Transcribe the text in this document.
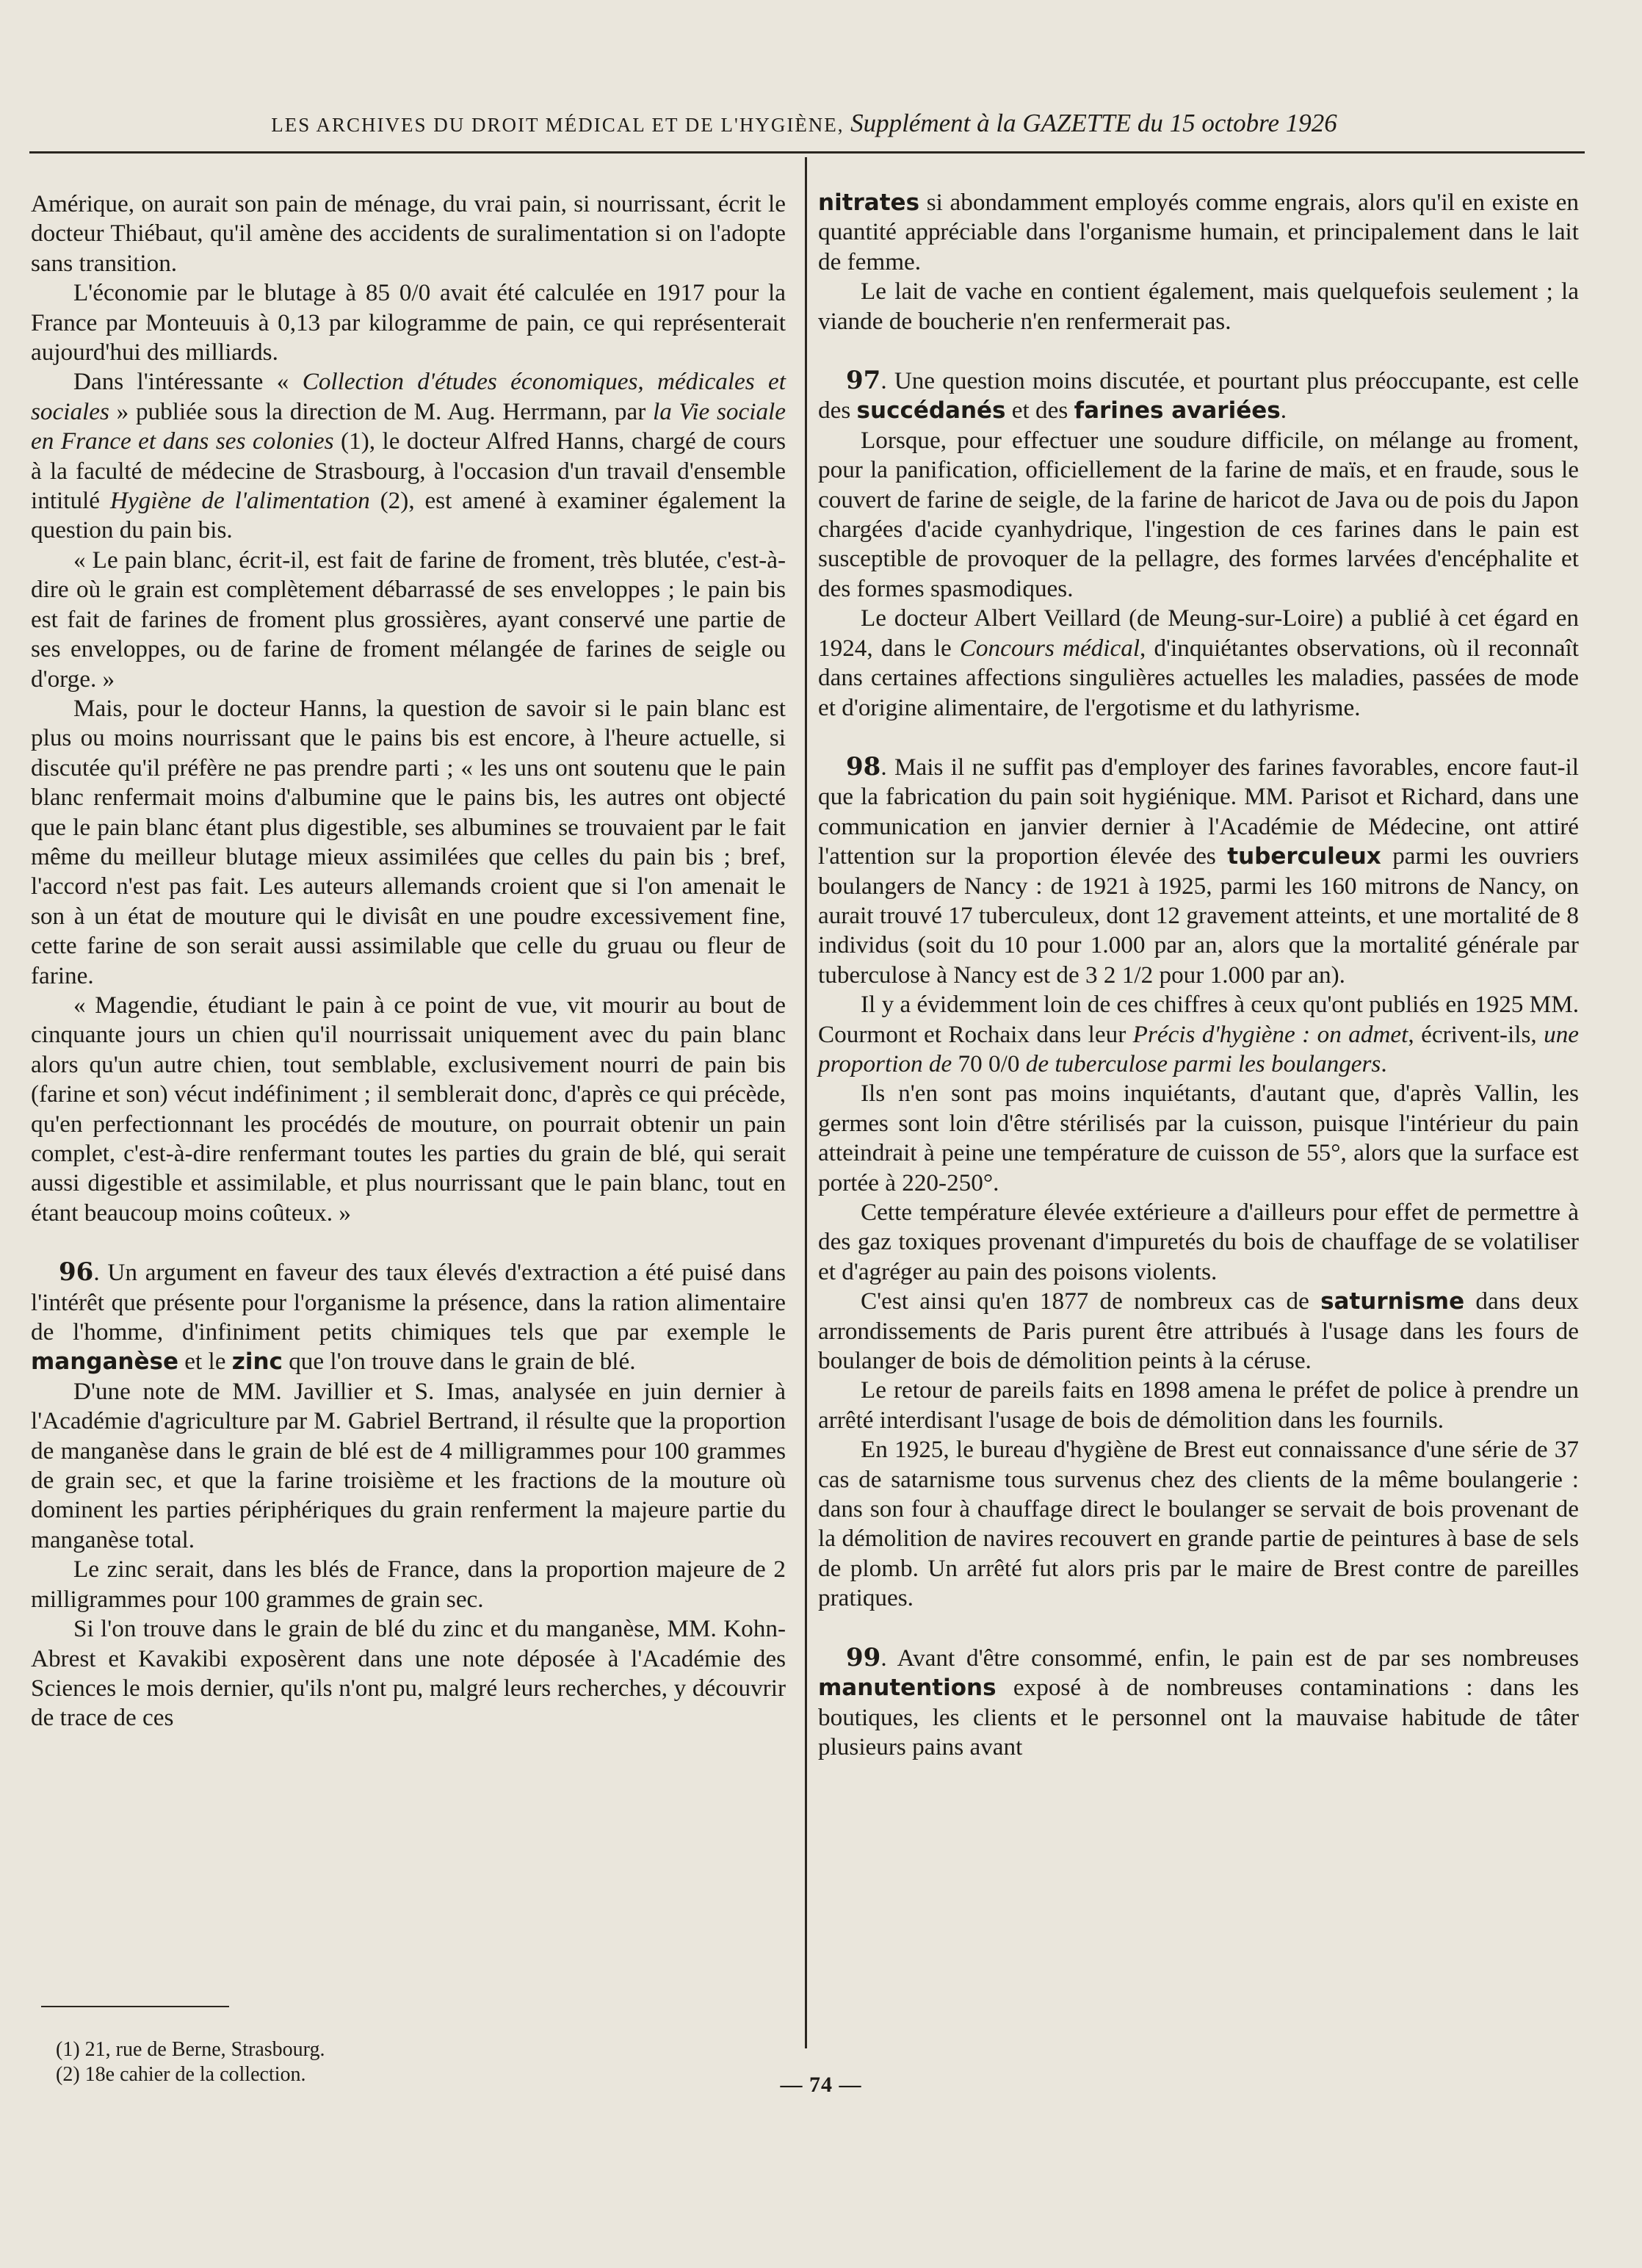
LES ARCHIVES DU DROIT MÉDICAL ET DE L'HYGIÈNE, Supplément à la GAZETTE du 15 octobre 1926

Amérique, on aurait son pain de ménage, du vrai pain, si nourrissant, écrit le docteur Thiébaut, qu'il amène des accidents de suralimentation si on l'adopte sans transition.

L'économie par le blutage à 85 0/0 avait été calculée en 1917 pour la France par Monteuuis à 0,13 par kilogramme de pain, ce qui représenterait aujourd'hui des milliards.

Dans l'intéressante « Collection d'études économiques, médicales et sociales » publiée sous la direction de M. Aug. Herrmann, par la Vie sociale en France et dans ses colonies (1), le docteur Alfred Hanns, chargé de cours à la faculté de médecine de Strasbourg, à l'occasion d'un travail d'ensemble intitulé Hygiène de l'alimentation (2), est amené à examiner également la question du pain bis.

« Le pain blanc, écrit-il, est fait de farine de froment, très blutée, c'est-à-dire où le grain est complètement débarrassé de ses enveloppes ; le pain bis est fait de farines de froment plus grossières, ayant conservé une partie de ses enveloppes, ou de farine de froment mélangée de farines de seigle ou d'orge. »

Mais, pour le docteur Hanns, la question de savoir si le pain blanc est plus ou moins nourrissant que le pains bis est encore, à l'heure actuelle, si discutée qu'il préfère ne pas prendre parti ; « les uns ont soutenu que le pain blanc renfermait moins d'albumine que le pains bis, les autres ont objecté que le pain blanc étant plus digestible, ses albumines se trouvaient par le fait même du meilleur blutage mieux assimilées que celles du pain bis ; bref, l'accord n'est pas fait. Les auteurs allemands croient que si l'on amenait le son à un état de mouture qui le divisât en une poudre excessivement fine, cette farine de son serait aussi assimilable que celle du gruau ou fleur de farine.

« Magendie, étudiant le pain à ce point de vue, vit mourir au bout de cinquante jours un chien qu'il nourrissait uniquement avec du pain blanc alors qu'un autre chien, tout semblable, exclusivement nourri de pain bis (farine et son) vécut indéfiniment ; il semblerait donc, d'après ce qui précède, qu'en perfectionnant les procédés de mouture, on pourrait obtenir un pain complet, c'est-à-dire renfermant toutes les parties du grain de blé, qui serait aussi digestible et assimilable, et plus nourrissant que le pain blanc, tout en étant beaucoup moins coûteux. »

96. Un argument en faveur des taux élevés d'extraction a été puisé dans l'intérêt que présente pour l'organisme la présence, dans la ration alimentaire de l'homme, d'infiniment petits chimiques tels que par exemple le manganèse et le zinc que l'on trouve dans le grain de blé.

D'une note de MM. Javillier et S. Imas, analysée en juin dernier à l'Académie d'agriculture par M. Gabriel Bertrand, il résulte que la proportion de manganèse dans le grain de blé est de 4 milligrammes pour 100 grammes de grain sec, et que la farine troisième et les fractions de la mouture où dominent les parties périphériques du grain renferment la majeure partie du manganèse total.

Le zinc serait, dans les blés de France, dans la proportion majeure de 2 milligrammes pour 100 grammes de grain sec.

Si l'on trouve dans le grain de blé du zinc et du manganèse, MM. Kohn-Abrest et Kavakibi exposèrent dans une note déposée à l'Académie des Sciences le mois dernier, qu'ils n'ont pu, malgré leurs recherches, y découvrir de trace de ces

(1) 21, rue de Berne, Strasbourg.
(2) 18e cahier de la collection.

nitrates si abondamment employés comme engrais, alors qu'il en existe en quantité appréciable dans l'organisme humain, et principalement dans le lait de femme.

Le lait de vache en contient également, mais quelquefois seulement ; la viande de boucherie n'en renfermerait pas.

97. Une question moins discutée, et pourtant plus préoccupante, est celle des succédanés et des farines avariées.

Lorsque, pour effectuer une soudure difficile, on mélange au froment, pour la panification, officiellement de la farine de maïs, et en fraude, sous le couvert de farine de seigle, de la farine de haricot de Java ou de pois du Japon chargées d'acide cyanhydrique, l'ingestion de ces farines dans le pain est susceptible de provoquer de la pellagre, des formes larvées d'encéphalite et des formes spasmodiques.

Le docteur Albert Veillard (de Meung-sur-Loire) a publié à cet égard en 1924, dans le Concours médical, d'inquiétantes observations, où il reconnaît dans certaines affections singulières actuelles les maladies, passées de mode et d'origine alimentaire, de l'ergotisme et du lathyrisme.

98. Mais il ne suffit pas d'employer des farines favorables, encore faut-il que la fabrication du pain soit hygiénique. MM. Parisot et Richard, dans une communication en janvier dernier à l'Académie de Médecine, ont attiré l'attention sur la proportion élevée des tuberculeux parmi les ouvriers boulangers de Nancy : de 1921 à 1925, parmi les 160 mitrons de Nancy, on aurait trouvé 17 tuberculeux, dont 12 gravement atteints, et une mortalité de 8 individus (soit du 10 pour 1.000 par an, alors que la mortalité générale par tuberculose à Nancy est de 3 2 1/2 pour 1.000 par an).

Il y a évidemment loin de ces chiffres à ceux qu'ont publiés en 1925 MM. Courmont et Rochaix dans leur Précis d'hygiène : on admet, écrivent-ils, une proportion de 70 0/0 de tuberculose parmi les boulangers.

Ils n'en sont pas moins inquiétants, d'autant que, d'après Vallin, les germes sont loin d'être stérilisés par la cuisson, puisque l'intérieur du pain atteindrait à peine une température de cuisson de 55°, alors que la surface est portée à 220-250°.

Cette température élevée extérieure a d'ailleurs pour effet de permettre à des gaz toxiques provenant d'impuretés du bois de chauffage de se volatiliser et d'agréger au pain des poisons violents.

C'est ainsi qu'en 1877 de nombreux cas de saturnisme dans deux arrondissements de Paris purent être attribués à l'usage dans les fours de boulanger de bois de démolition peints à la céruse.

Le retour de pareils faits en 1898 amena le préfet de police à prendre un arrêté interdisant l'usage de bois de démolition dans les fournils.

En 1925, le bureau d'hygiène de Brest eut connaissance d'une série de 37 cas de satarnisme tous survenus chez des clients de la même boulangerie : dans son four à chauffage direct le boulanger se servait de bois provenant de la démolition de navires recouvert en grande partie de peintures à base de sels de plomb. Un arrêté fut alors pris par le maire de Brest contre de pareilles pratiques.

99. Avant d'être consommé, enfin, le pain est de par ses nombreuses manutentions exposé à de nombreuses contaminations : dans les boutiques, les clients et le personnel ont la mauvaise habitude de tâter plusieurs pains avant

— 74 —
